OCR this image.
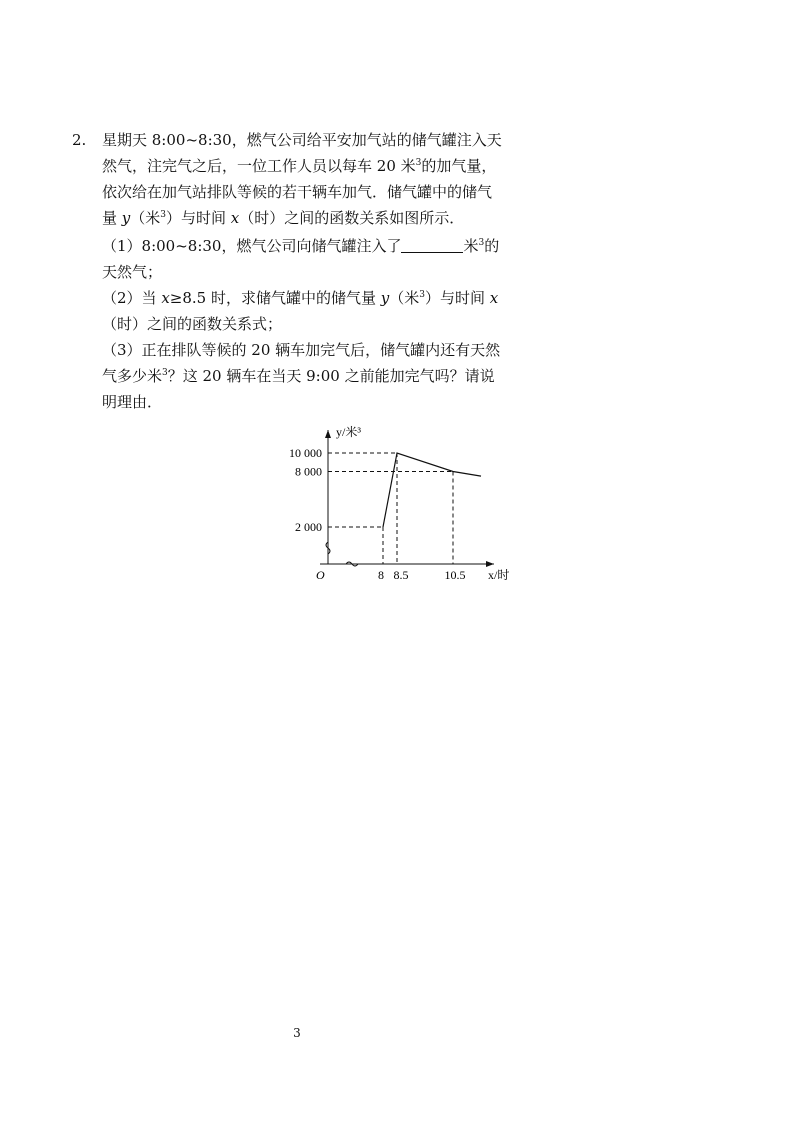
2. 星期天 8:00~8:30，燃气公司给平安加气站的储气罐注入天
然气，注完气之后，一位工作人员以每车 20 米$^3$的加气量，
依次给在加气站排队等候的若干辆车加气．储气罐中的储气
量 y（米$^3$）与时间 x（时）之间的函数关系如图所示．
（1）8:00~8:30，燃气公司向储气罐注入了	米$^3$的
天然气；
（2）当 x≥8.5 时，求储气罐中的储气量 y（米$^3$）与时间 x
（时）之间的函数关系式；
（3）正在排队等候的 20 辆车加完气后，储气罐内还有天然
气多少米$^3$？这 20 辆车在当天 9:00 之前能加完气吗？请说
明理由．
2 000
8 000
10 000
8 8.5	10.5
O	x/时
y/米³
3
